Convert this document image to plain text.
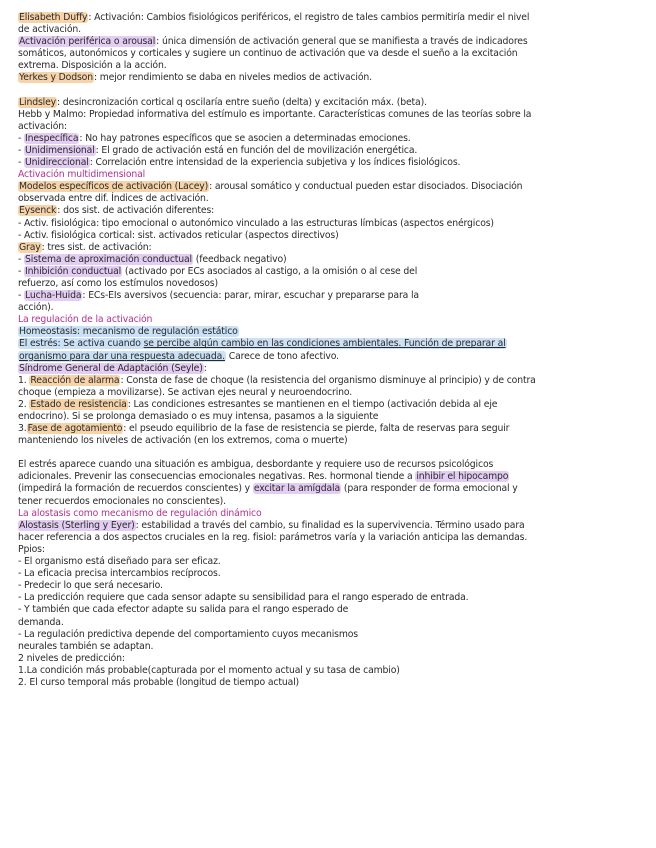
Elisabeth Duffy: Activación: Cambios fisiológicos periféricos, el registro de tales cambios permitiría medir el nivel
de activación.
Activación periférica o arousal: única dimensión de activación general que se manifiesta a través de indicadores
somáticos, autonómicos y corticales y sugiere un continuo de activación que va desde el sueño a la excitación
extrema. Disposición a la acción.
Yerkes y Dodson: mejor rendimiento se daba en niveles medios de activación.
Lindsley: desincronización cortical q oscilaría entre sueño (delta) y excitación máx. (beta).
Hebb y Malmo: Propiedad informativa del estímulo es importante. Características comunes de las teorías sobre la
activación:
- Inespecífica: No hay patrones específicos que se asocien a determinadas emociones.
- Unidimensional: El grado de activación está en función del de movilización energética.
- Unidireccional: Correlación entre intensidad de la experiencia subjetiva y los índices fisiológicos.
Activación multidimensional
Modelos específicos de activación (Lacey): arousal somático y conductual pueden estar disociados. Disociación
observada entre dif. Índices de activación.
Eysenck: dos sist. de activación diferentes:
- Activ. fisiológica: tipo emocional o autonómico vinculado a las estructuras límbicas (aspectos enérgicos)
- Activ. fisiológica cortical: sist. activados reticular (aspectos directivos)
Gray: tres sist. de activación:
- Sistema de aproximación conductual (feedback negativo)
- Inhibición conductual (activado por ECs asociados al castigo, a la omisión o al cese del
refuerzo, así como los estímulos novedosos)
- Lucha-Huida: ECs-EIs aversivos (secuencia: parar, mirar, escuchar y prepararse para la
acción).
La regulación de la activación
Homeostasis: mecanismo de regulación estático
El estrés: Se activa cuando se percibe algún cambio en las condiciones ambientales. Función de preparar al
organismo para dar una respuesta adecuada. Carece de tono afectivo.
Síndrome General de Adaptación (Seyle):
1. Reacción de alarma: Consta de fase de choque (la resistencia del organismo disminuye al principio) y de contra
choque (empieza a movilizarse). Se activan ejes neural y neuroendocrino.
2. Estado de resistencia: Las condiciones estresantes se mantienen en el tiempo (activación debida al eje
endocrino). Si se prolonga demasiado o es muy intensa, pasamos a la siguiente
3.Fase de agotamiento: el pseudo equilibrio de la fase de resistencia se pierde, falta de reservas para seguir
manteniendo los niveles de activación (en los extremos, coma o muerte)
El estrés aparece cuando una situación es ambigua, desbordante y requiere uso de recursos psicológicos
adicionales. Prevenir las consecuencias emocionales negativas. Res. hormonal tiende a inhibir el hipocampo
(impedirá la formación de recuerdos conscientes) y excitar la amígdala (para responder de forma emocional y
tener recuerdos emocionales no conscientes).
La alostasis como mecanismo de regulación dinámico
Alostasis (Sterling y Eyer): estabilidad a través del cambio, su finalidad es la supervivencia. Término usado para
hacer referencia a dos aspectos cruciales en la reg. fisiol: parámetros varía y la variación anticipa las demandas.
Ppios:
- El organismo está diseñado para ser eficaz.
- La eficacia precisa intercambios recíprocos.
- Predecir lo que será necesario.
- La predicción requiere que cada sensor adapte su sensibilidad para el rango esperado de entrada.
- Y también que cada efector adapte su salida para el rango esperado de
demanda.
- La regulación predictiva depende del comportamiento cuyos mecanismos
neurales también se adaptan.
2 niveles de predicción:
1.La condición más probable(capturada por el momento actual y su tasa de cambio)
2. El curso temporal más probable (longitud de tiempo actual)
